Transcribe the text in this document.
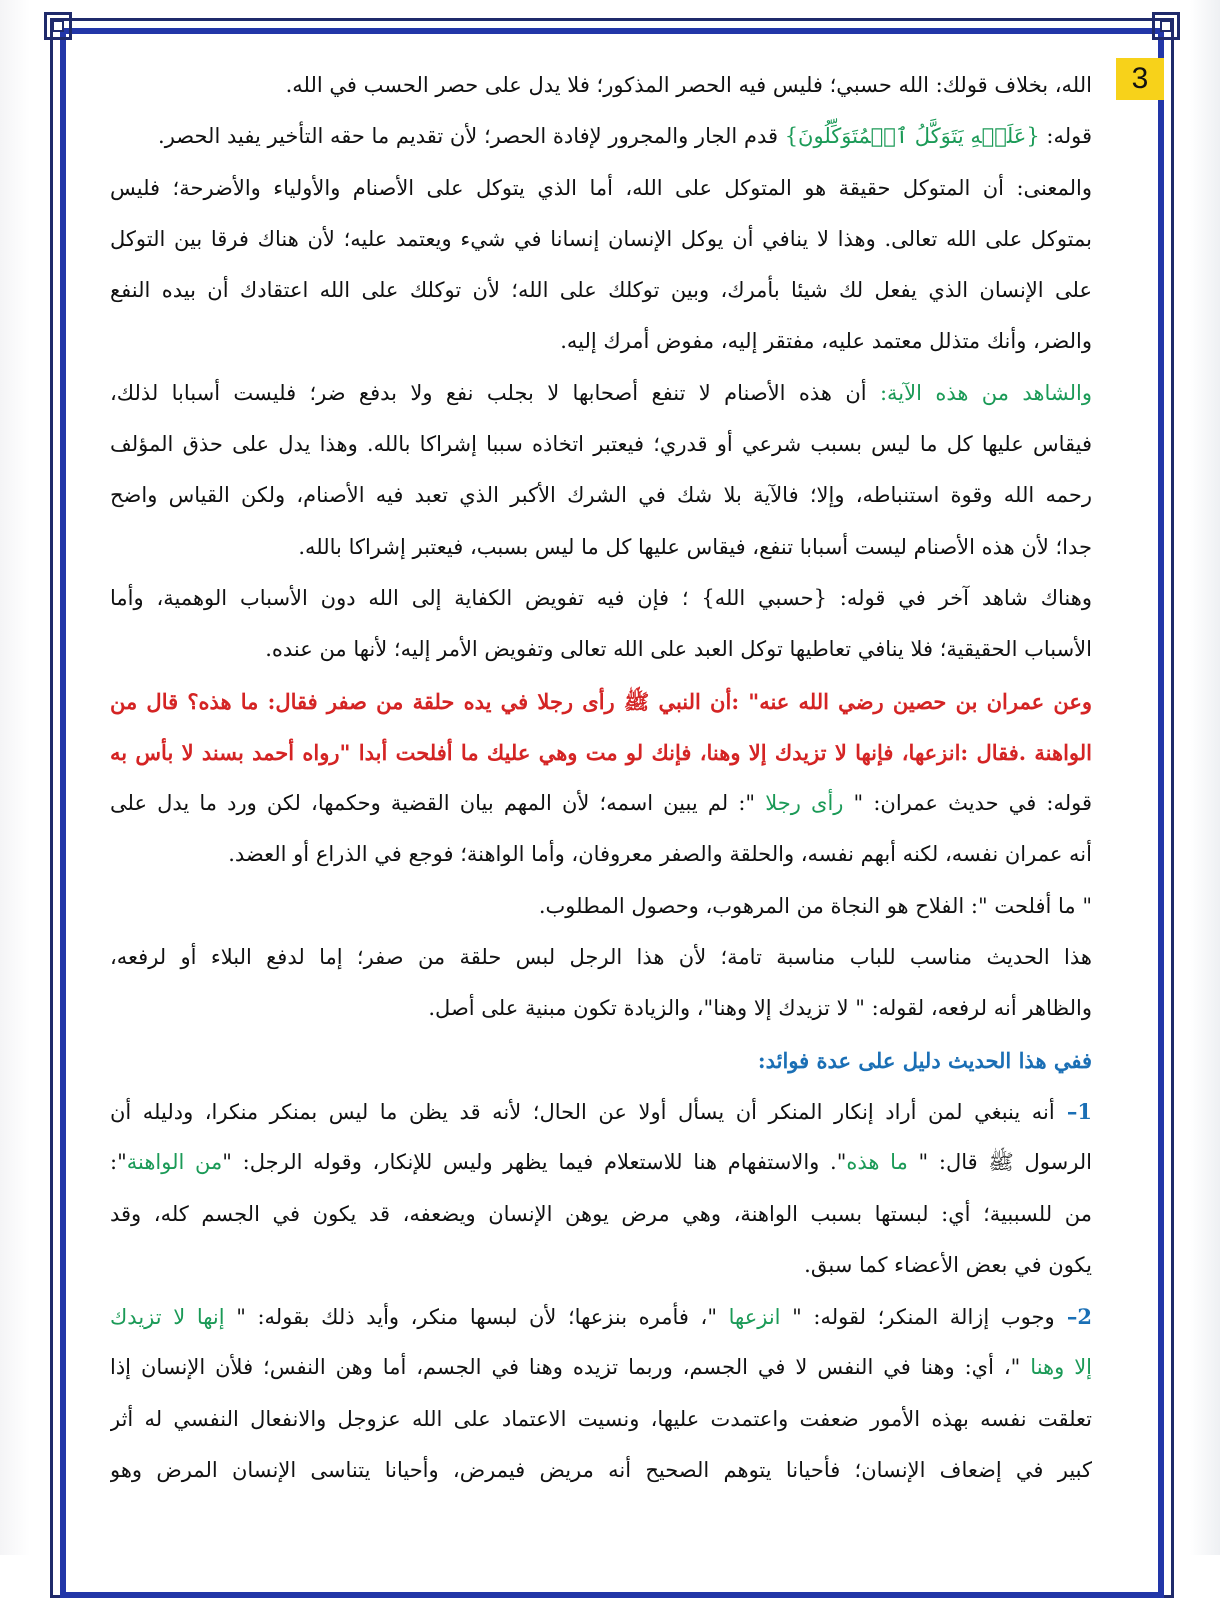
3
الله، بخلاف قولك: الله حسبي؛ فليس فيه الحصر المذكور؛ فلا يدل على حصر الحسب في الله.
قوله: {عَلَيۡهِ يَتَوَكَّلُ ٱلۡمُتَوَكِّلُونَ} قدم الجار والمجرور لإفادة الحصر؛ لأن تقديم ما حقه التأخير يفيد الحصر.
والمعنى: أن المتوكل حقيقة هو المتوكل على الله، أما الذي يتوكل على الأصنام والأولياء والأضرحة؛ فليس
بمتوكل على الله تعالى. وهذا لا ينافي أن يوكل الإنسان إنسانا في شيء ويعتمد عليه؛ لأن هناك فرقا بين التوكل
على الإنسان الذي يفعل لك شيئا بأمرك، وبين توكلك على الله؛ لأن توكلك على الله اعتقادك أن بيده النفع
والضر، وأنك متذلل معتمد عليه، مفتقر إليه، مفوض أمرك إليه.
والشاهد من هذه الآية: أن هذه الأصنام لا تنفع أصحابها لا بجلب نفع ولا بدفع ضر؛ فليست أسبابا لذلك،
فيقاس عليها كل ما ليس بسبب شرعي أو قدري؛ فيعتبر اتخاذه سببا إشراكا بالله. وهذا يدل على حذق المؤلف
رحمه الله وقوة استنباطه، وإلا؛ فالآية بلا شك في الشرك الأكبر الذي تعبد فيه الأصنام، ولكن القياس واضح
جدا؛ لأن هذه الأصنام ليست أسبابا تنفع، فيقاس عليها كل ما ليس بسبب، فيعتبر إشراكا بالله.
وهناك شاهد آخر في قوله: {حسبي الله} ؛ فإن فيه تفويض الكفاية إلى الله دون الأسباب الوهمية، وأما
الأسباب الحقيقية؛ فلا ينافي تعاطيها توكل العبد على الله تعالى وتفويض الأمر إليه؛ لأنها من عنده.
وعن عمران بن حصين رضي الله عنه" :أن النبي ﷺ رأى رجلا في يده حلقة من صفر فقال: ما هذه؟ قال من
الواهنة .فقال :انزعها، فإنها لا تزيدك إلا وهنا، فإنك لو مت وهي عليك ما أفلحت أبدا "رواه أحمد بسند لا بأس به
قوله: في حديث عمران: " رأى رجلا ": لم يبين اسمه؛ لأن المهم بيان القضية وحكمها، لكن ورد ما يدل على
أنه عمران نفسه، لكنه أبهم نفسه، والحلقة والصفر معروفان، وأما الواهنة؛ فوجع في الذراع أو العضد.
" ما أفلحت ": الفلاح هو النجاة من المرهوب، وحصول المطلوب.
هذا الحديث مناسب للباب مناسبة تامة؛ لأن هذا الرجل لبس حلقة من صفر؛ إما لدفع البلاء أو لرفعه،
والظاهر أنه لرفعه، لقوله: " لا تزيدك إلا وهنا"، والزيادة تكون مبنية على أصل.
ففي هذا الحديث دليل على عدة فوائد:
1– أنه ينبغي لمن أراد إنكار المنكر أن يسأل أولا عن الحال؛ لأنه قد يظن ما ليس بمنكر منكرا، ودليله أن
الرسول ﷺ قال: " ما هذه". والاستفهام هنا للاستعلام فيما يظهر وليس للإنكار، وقوله الرجل: "من الواهنة":
من للسببية؛ أي: لبستها بسبب الواهنة، وهي مرض يوهن الإنسان ويضعفه، قد يكون في الجسم كله، وقد
يكون في بعض الأعضاء كما سبق.
2– وجوب إزالة المنكر؛ لقوله: " انزعها "، فأمره بنزعها؛ لأن لبسها منكر، وأيد ذلك بقوله: " إنها لا تزيدك
إلا وهنا "، أي: وهنا في النفس لا في الجسم، وربما تزيده وهنا في الجسم، أما وهن النفس؛ فلأن الإنسان إذا
تعلقت نفسه بهذه الأمور ضعفت واعتمدت عليها، ونسيت الاعتماد على الله عزوجل والانفعال النفسي له أثر
كبير في إضعاف الإنسان؛ فأحيانا يتوهم الصحيح أنه مريض فيمرض، وأحيانا يتناسى الإنسان المرض وهو
